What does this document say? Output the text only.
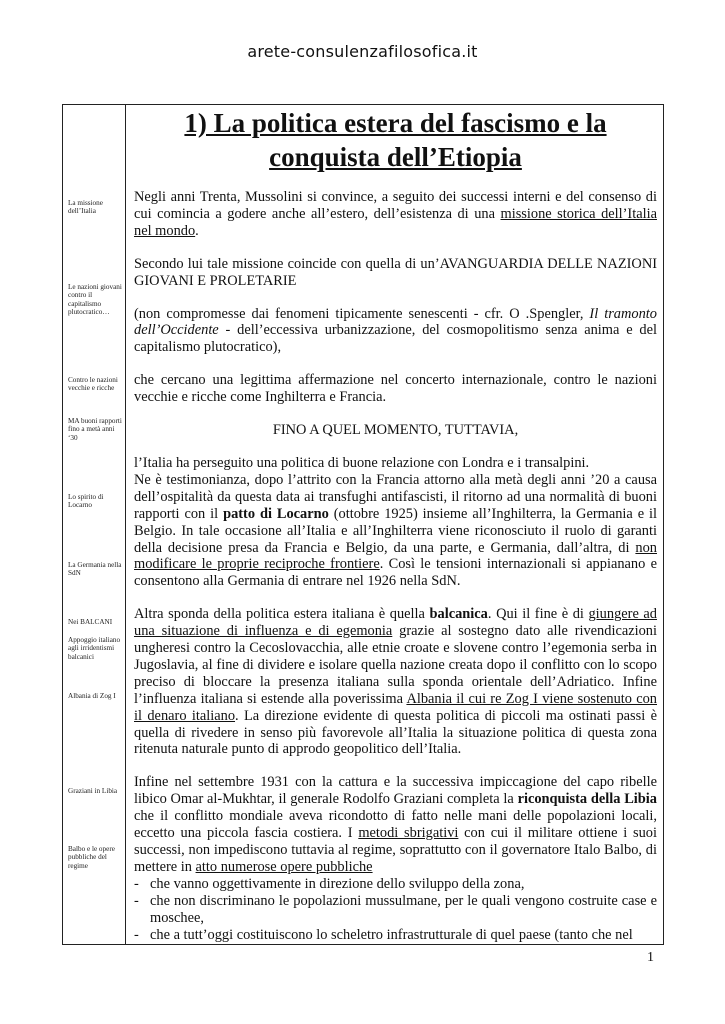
arete-consulenzafilosofica.it
La missione dell’Italia
Le nazioni giovani contro il capitalismo plutocratico…
Contro le nazioni vecchie e ricche
MA buoni rapporti fino a metà anni ‘30
Lo spirito di Locarno
La Germania nella SdN
Nei BALCANI
Appoggio italiano agli irridentismi balcanici
Albania di Zog I
Graziani in Libia
Balbo e le opere pubbliche del regime
1) La politica estera del fascismo e la
conquista dell’Etiopia

Negli anni Trenta, Mussolini si convince, a seguito dei successi interni e del consenso di cui comincia a godere anche all’estero, dell’esistenza di una missione storica dell’Italia nel mondo.

Secondo lui tale missione coincide con quella di un’AVANGUARDIA DELLE NAZIONI GIOVANI E PROLETARIE

(non compromesse dai fenomeni tipicamente senescenti - cfr. O .Spengler, Il tramonto dell’Occidente - dell’eccessiva urbanizzazione, del cosmopolitismo senza anima e del capitalismo plutocratico),

che cercano una legittima affermazione nel concerto internazionale, contro le nazioni vecchie e ricche come Inghilterra e Francia.

FINO A QUEL MOMENTO, TUTTAVIA,

l’Italia ha perseguito una politica di buone relazione con Londra e i transalpini.
Ne è testimonianza, dopo l’attrito con la Francia attorno alla metà degli anni ’20 a causa dell’ospitalità da questa data ai transfughi antifascisti, il ritorno ad una normalità di buoni rapporti con il patto di Locarno (ottobre 1925) insieme all’Inghilterra, la Germania e il Belgio. In tale occasione all’Italia e all’Inghilterra viene riconosciuto il ruolo di garanti della decisione presa da Francia e Belgio, da una parte, e Germania, dall’altra, di non modificare le proprie reciproche frontiere. Così le tensioni internazionali si appianano e consentono alla Germania di entrare nel 1926 nella SdN.

Altra sponda della politica estera italiana è quella balcanica. Qui il fine è di giungere ad una situazione di influenza e di egemonia grazie al sostegno dato alle rivendicazioni ungheresi contro la Cecoslovacchia, alle etnie croate e slovene contro l’egemonia serba in Jugoslavia, al fine di dividere e isolare quella nazione creata dopo il conflitto con lo scopo preciso di bloccare la presenza italiana sulla sponda orientale dell’Adriatico. Infine l’influenza italiana si estende alla poverissima Albania il cui re Zog I viene sostenuto con il denaro italiano. La direzione evidente di questa politica di piccoli ma ostinati passi è quella di rivedere in senso più favorevole all’Italia la situazione politica di questa zona ritenuta naturale punto di approdo geopolitico dell’Italia.

Infine nel settembre 1931 con la cattura e la successiva impiccagione del capo ribelle libico Omar al-Mukhtar, il generale Rodolfo Graziani completa la riconquista della Libia che il conflitto mondiale aveva ricondotto di fatto nelle mani delle popolazioni locali, eccetto una piccola fascia costiera. I metodi sbrigativi con cui il militare ottiene i suoi successi, non impediscono tuttavia al regime, soprattutto con il governatore Italo Balbo, di mettere in atto numerose opere pubbliche

- che vanno oggettivamente in direzione dello sviluppo della zona,
- che non discriminano le popolazioni mussulmane, per le quali vengono costruite case e moschee,
- che a tutt’oggi costituiscono lo scheletro infrastrutturale di quel paese (tanto che nel
1
